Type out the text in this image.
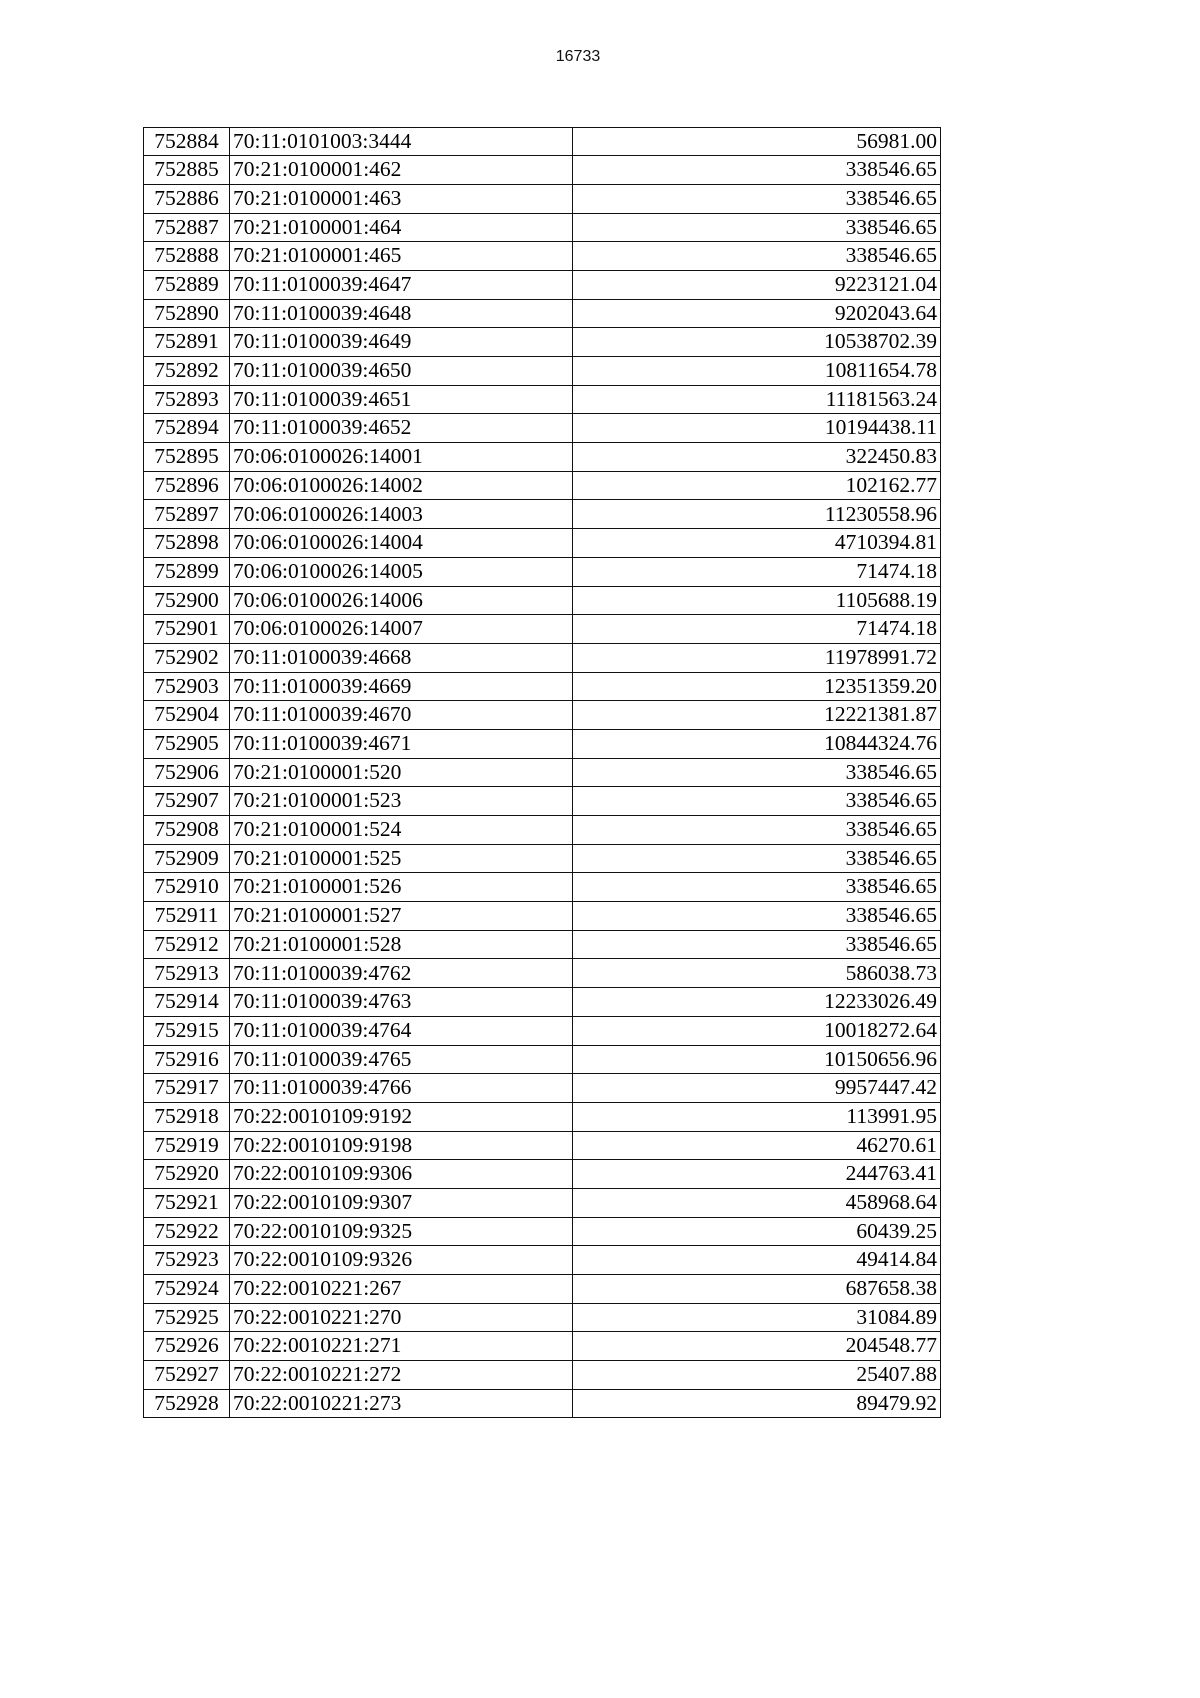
16733
752884	70:11:0101003:3444	56981.00
752885	70:21:0100001:462	338546.65
752886	70:21:0100001:463	338546.65
752887	70:21:0100001:464	338546.65
752888	70:21:0100001:465	338546.65
752889	70:11:0100039:4647	9223121.04
752890	70:11:0100039:4648	9202043.64
752891	70:11:0100039:4649	10538702.39
752892	70:11:0100039:4650	10811654.78
752893	70:11:0100039:4651	11181563.24
752894	70:11:0100039:4652	10194438.11
752895	70:06:0100026:14001	322450.83
752896	70:06:0100026:14002	102162.77
752897	70:06:0100026:14003	11230558.96
752898	70:06:0100026:14004	4710394.81
752899	70:06:0100026:14005	71474.18
752900	70:06:0100026:14006	1105688.19
752901	70:06:0100026:14007	71474.18
752902	70:11:0100039:4668	11978991.72
752903	70:11:0100039:4669	12351359.20
752904	70:11:0100039:4670	12221381.87
752905	70:11:0100039:4671	10844324.76
752906	70:21:0100001:520	338546.65
752907	70:21:0100001:523	338546.65
752908	70:21:0100001:524	338546.65
752909	70:21:0100001:525	338546.65
752910	70:21:0100001:526	338546.65
752911	70:21:0100001:527	338546.65
752912	70:21:0100001:528	338546.65
752913	70:11:0100039:4762	586038.73
752914	70:11:0100039:4763	12233026.49
752915	70:11:0100039:4764	10018272.64
752916	70:11:0100039:4765	10150656.96
752917	70:11:0100039:4766	9957447.42
752918	70:22:0010109:9192	113991.95
752919	70:22:0010109:9198	46270.61
752920	70:22:0010109:9306	244763.41
752921	70:22:0010109:9307	458968.64
752922	70:22:0010109:9325	60439.25
752923	70:22:0010109:9326	49414.84
752924	70:22:0010221:267	687658.38
752925	70:22:0010221:270	31084.89
752926	70:22:0010221:271	204548.77
752927	70:22:0010221:272	25407.88
752928	70:22:0010221:273	89479.92
